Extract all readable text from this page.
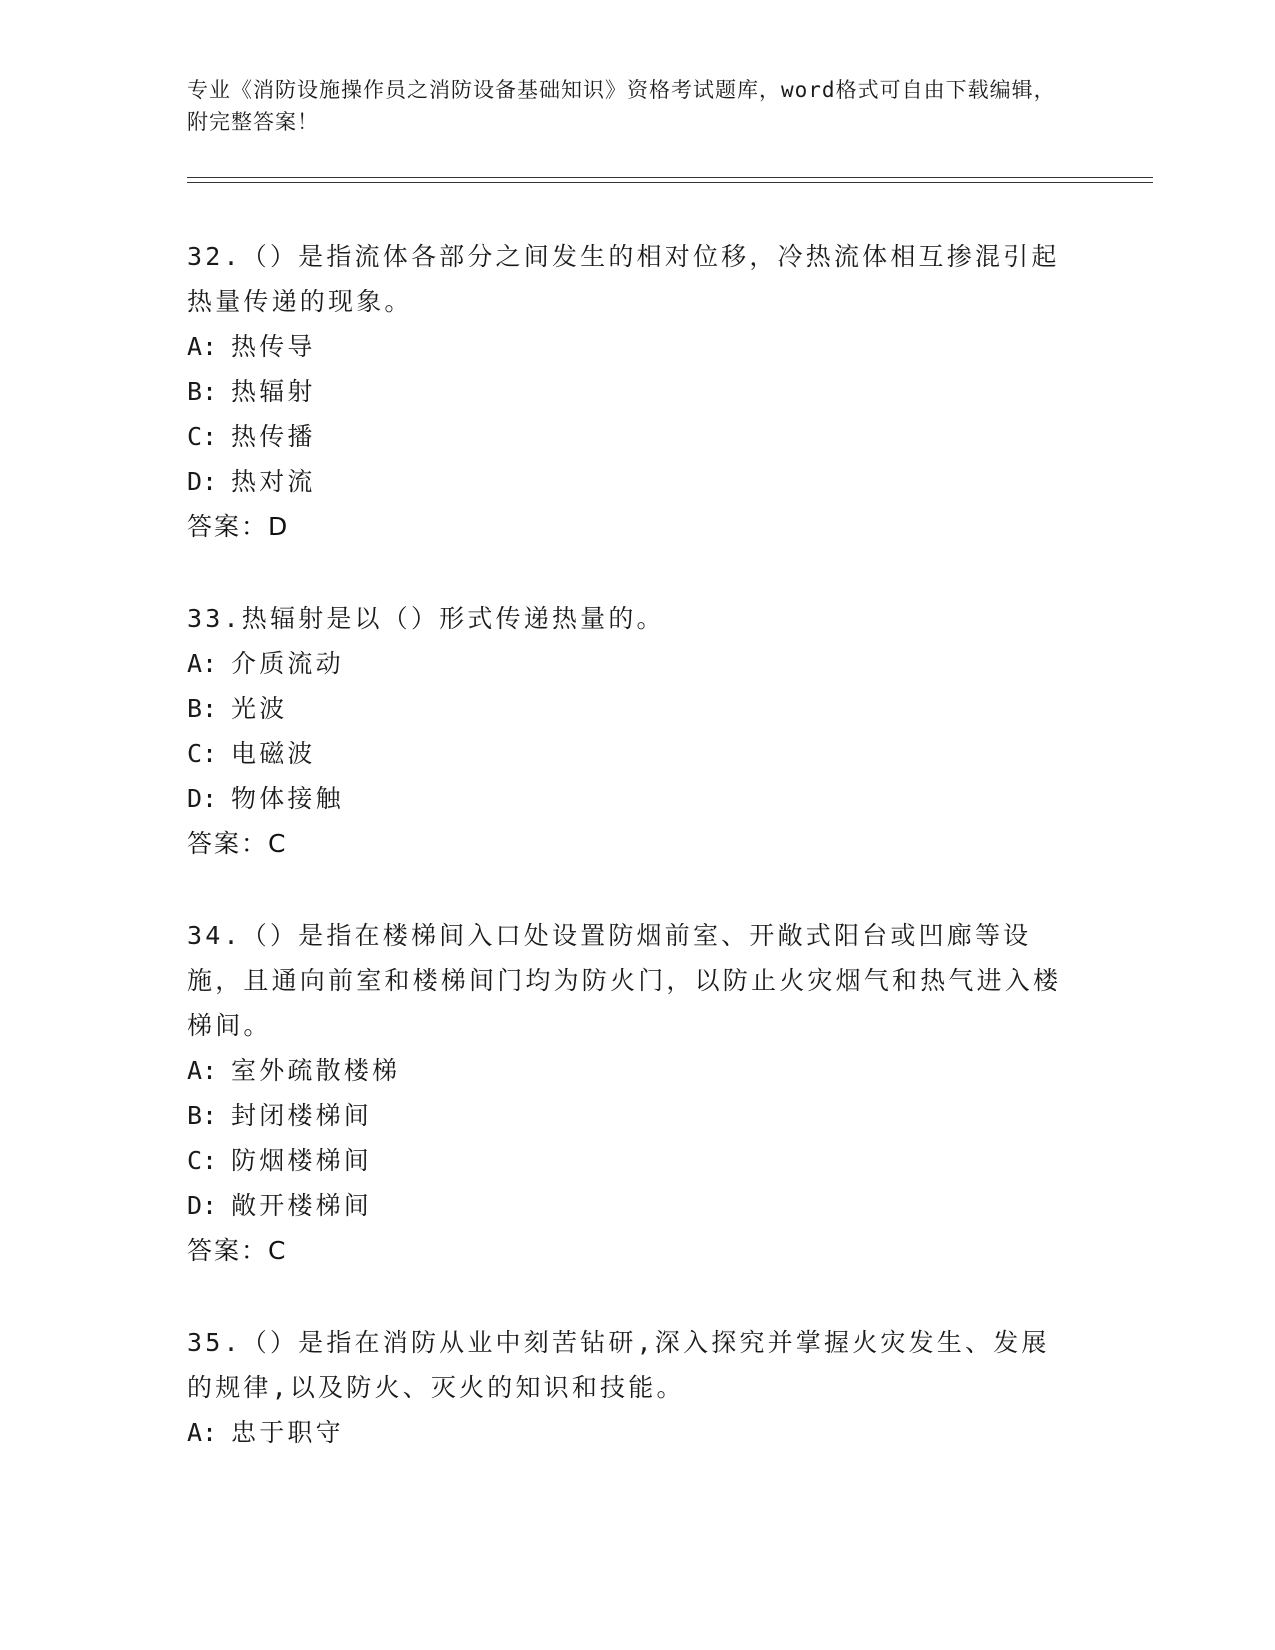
专业《消防设施操作员之消防设备基础知识》资格考试题库，word格式可自由下载编辑，附完整答案！
32.（）是指流体各部分之间发生的相对位移，冷热流体相互掺混引起热量传递的现象。
A: 热传导
B: 热辐射
C: 热传播
D: 热对流
答案：D
33.热辐射是以（）形式传递热量的。
A: 介质流动
B: 光波
C: 电磁波
D: 物体接触
答案：C
34.（）是指在楼梯间入口处设置防烟前室、开敞式阳台或凹廊等设施，且通向前室和楼梯间门均为防火门，以防止火灾烟气和热气进入楼梯间。
A: 室外疏散楼梯
B: 封闭楼梯间
C: 防烟楼梯间
D: 敞开楼梯间
答案：C
35.（）是指在消防从业中刻苦钻研,深入探究并掌握火灾发生、发展的规律,以及防火、灭火的知识和技能。
A: 忠于职守
